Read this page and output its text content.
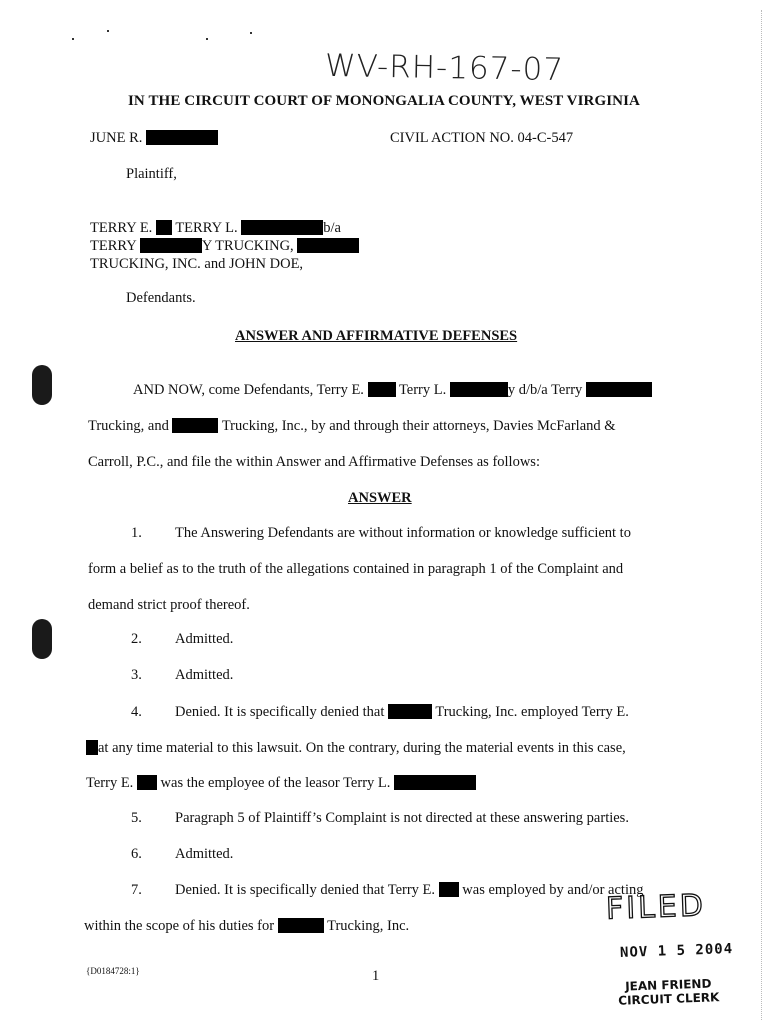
WV-RH-167-07
IN THE CIRCUIT COURT OF MONONGALIA COUNTY, WEST VIRGINIA
JUNE R.	CIVIL ACTION NO. 04-C-547
Plaintiff,
TERRY E. TERRY L.	b/a
TERRY	Y TRUCKING,
TRUCKING, INC. and JOHN DOE,
Defendants.
ANSWER AND AFFIRMATIVE DEFENSES
AND NOW, come Defendants, Terry E. Terry L.	y d/b/a Terry
Trucking, and	Trucking, Inc., by and through their attorneys, Davies McFarland &
Carroll, P.C., and file the within Answer and Affirmative Defenses as follows:
ANSWER
1. The Answering Defendants are without information or knowledge sufficient to
form a belief as to the truth of the allegations contained in paragraph 1 of the Complaint and
demand strict proof thereof.
2. Admitted.
3. Admitted.
4. Denied. It is specifically denied that	Trucking, Inc. employed Terry E.
at any time material to this lawsuit. On the contrary, during the material events in this case,
Terry E. was the employee of the leasor Terry L.
5. Paragraph 5 of Plaintiff’s Complaint is not directed at these answering parties.
6. Admitted.
7. Denied. It is specifically denied that Terry E. was employed by and/or acting
within the scope of his duties for	Trucking, Inc.	FILED
NOV 1 5 2004
JEAN FRIEND
CIRCUIT CLERK
{D0184728:1}	1
